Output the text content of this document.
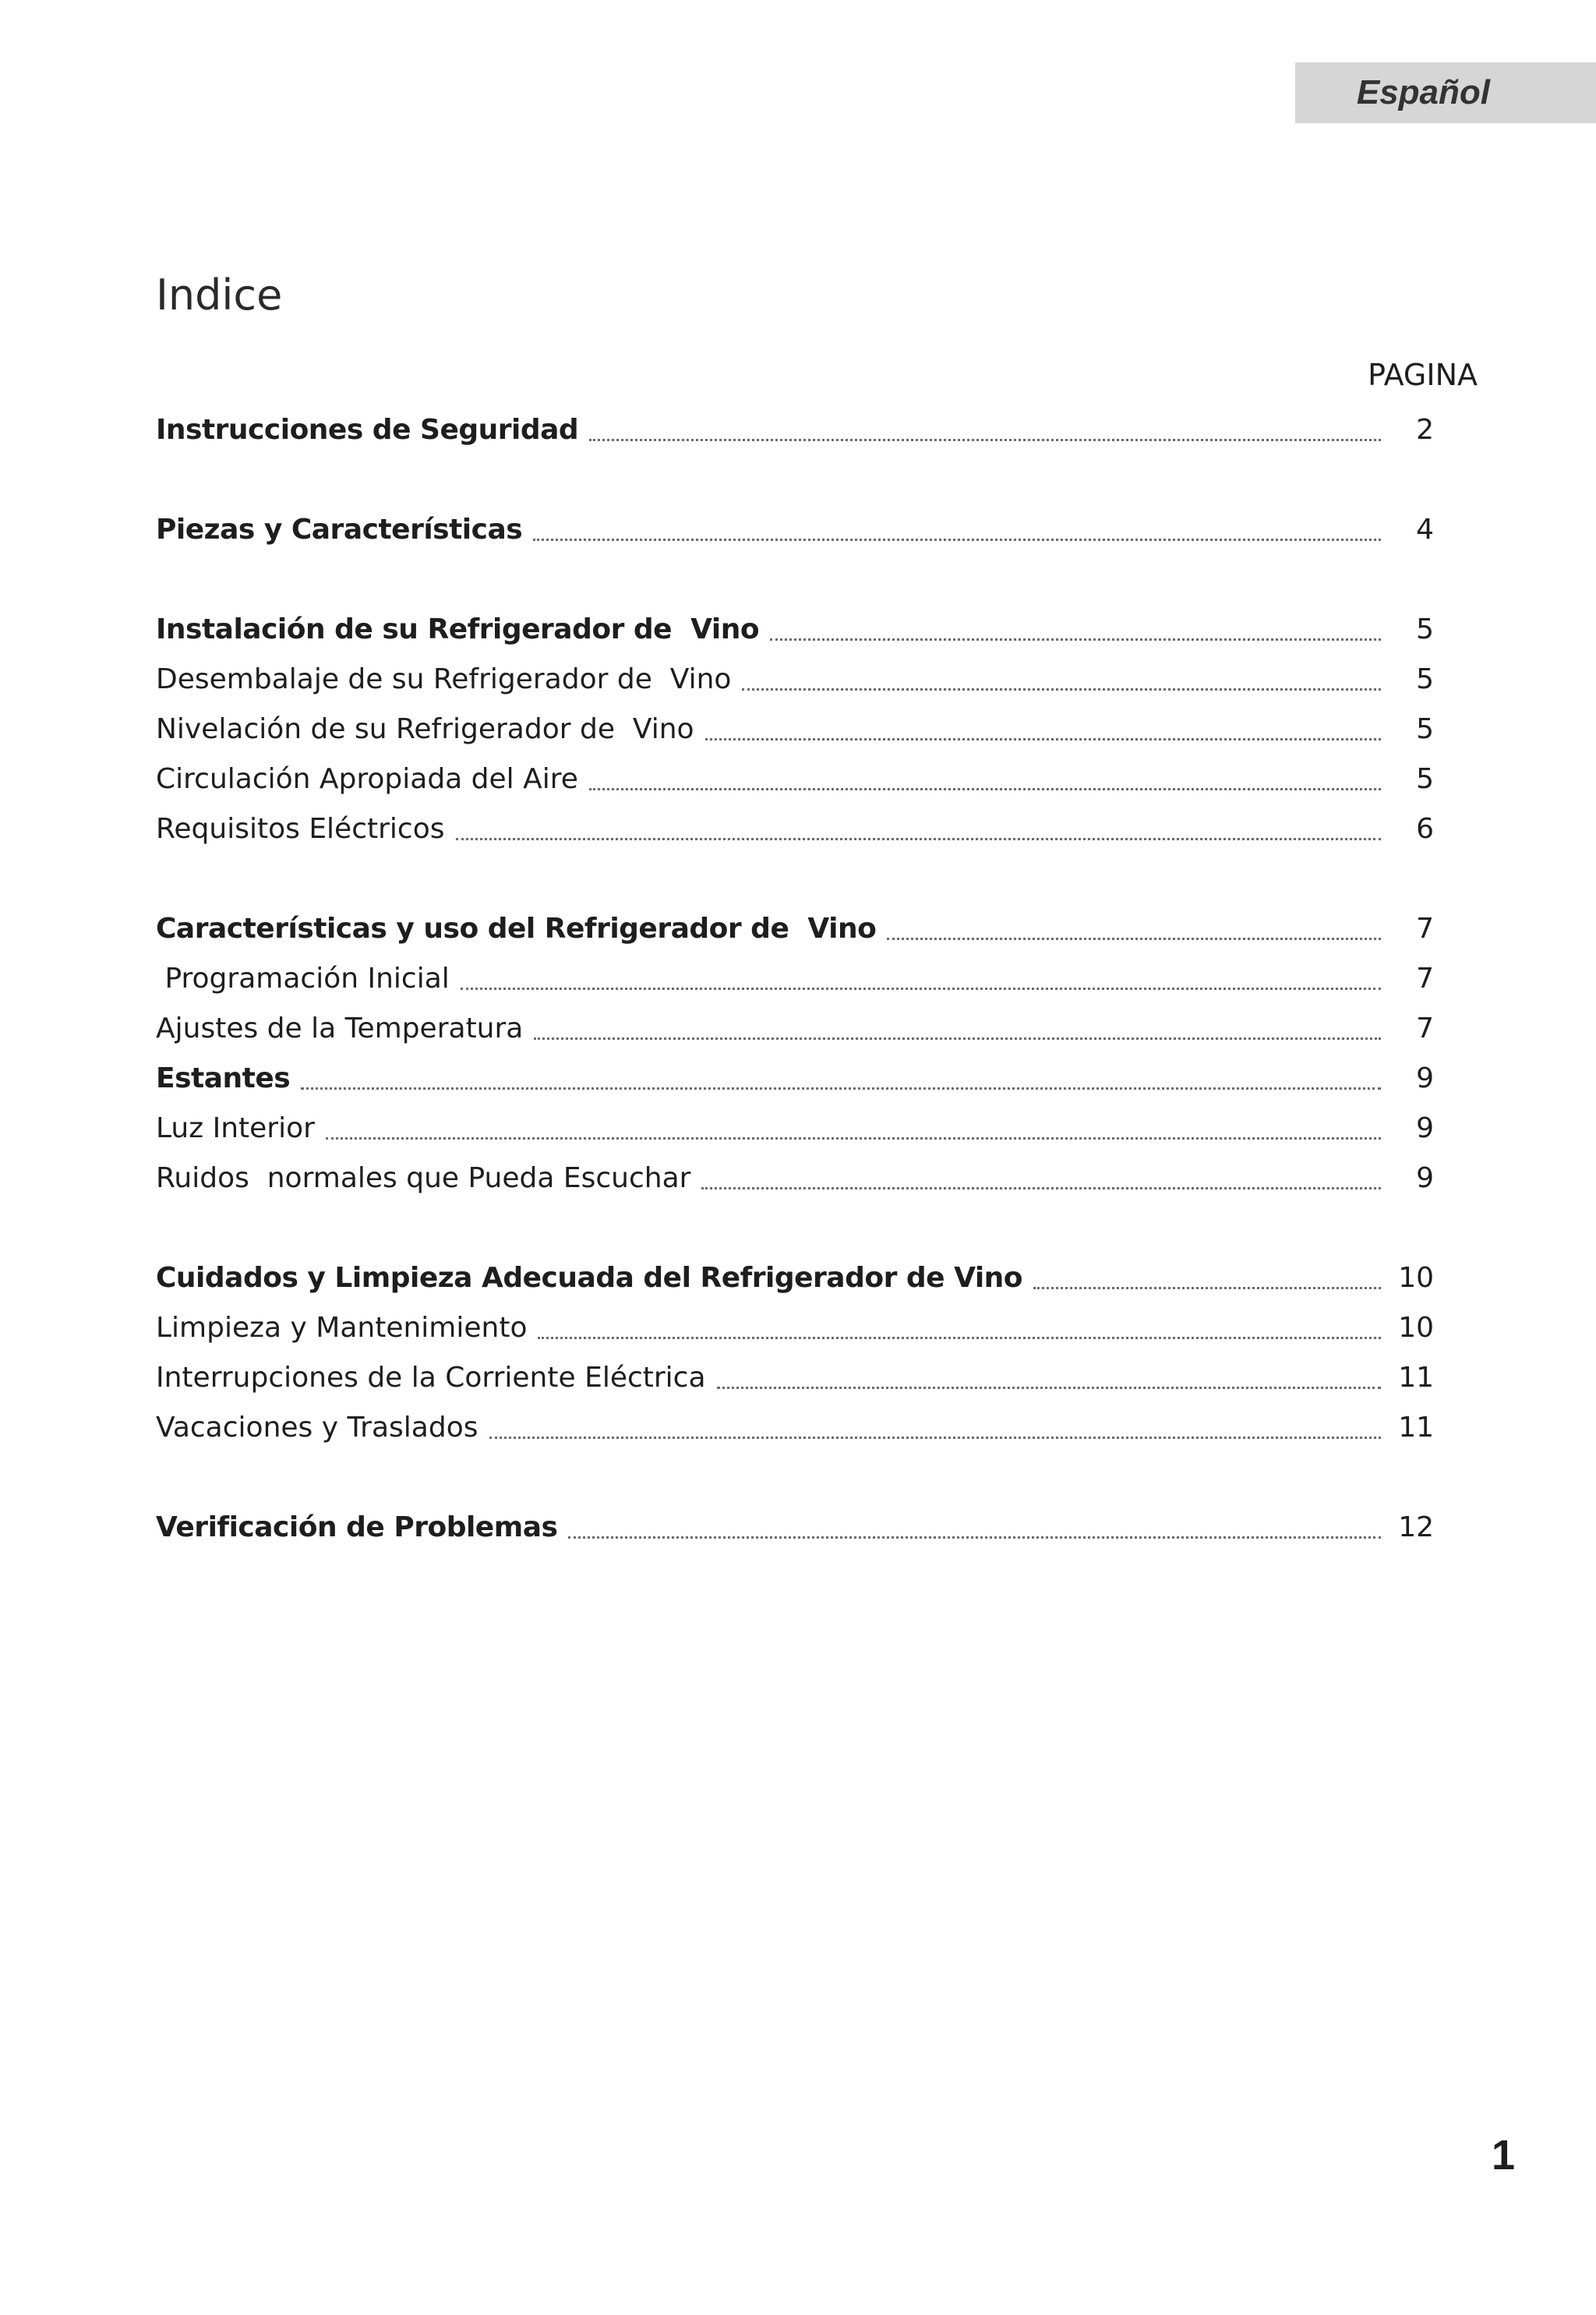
Español
Indice
PAGINA
Instrucciones de Seguridad	2
Piezas y Características	4
Instalación de su Refrigerador de  Vino	5
Desembalaje de su Refrigerador de  Vino	5
Nivelación de su Refrigerador de  Vino	5
Circulación Apropiada del Aire	5
Requisitos Eléctricos	6
Características y uso del Refrigerador de  Vino	7
Programación Inicial	7
Ajustes de la Temperatura	7
Estantes	9
Luz Interior	9
Ruidos  normales que Pueda Escuchar	9
Cuidados y Limpieza Adecuada del Refrigerador de Vino	10
Limpieza y Mantenimiento	10
Interrupciones de la Corriente Eléctrica	11
Vacaciones y Traslados	11
Verificación de Problemas	12
1
